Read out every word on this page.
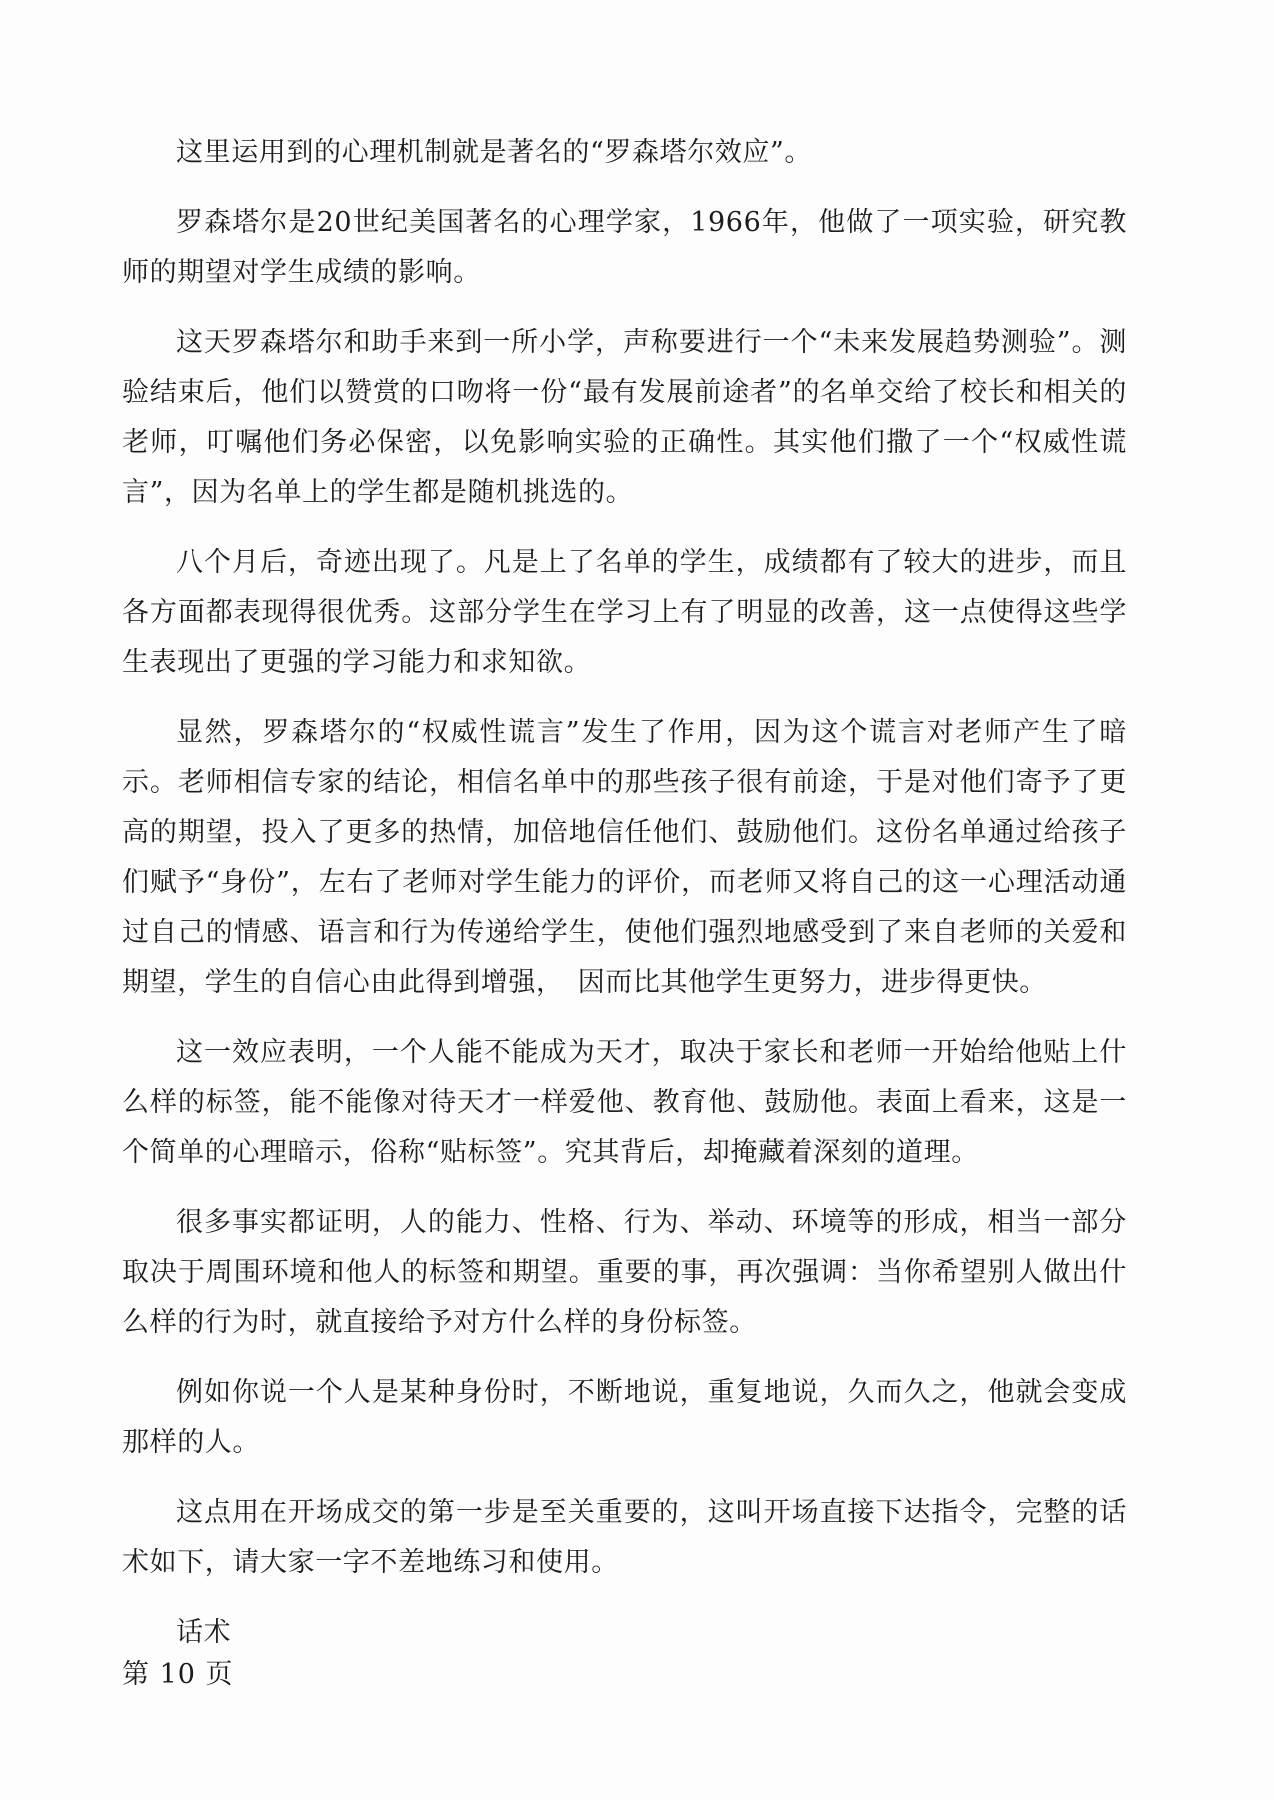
这里运用到的心理机制就是著名的“罗森塔尔效应”。

罗森塔尔是20世纪美国著名的心理学家，1966年，他做了一项实验，研究教师的期望对学生成绩的影响。

这天罗森塔尔和助手来到一所小学，声称要进行一个“未来发展趋势测验”。测验结束后，他们以赞赏的口吻将一份“最有发展前途者”的名单交给了校长和相关的老师，叮嘱他们务必保密，以免影响实验的正确性。其实他们撒了一个“权威性谎言”，因为名单上的学生都是随机挑选的。

八个月后，奇迹出现了。凡是上了名单的学生，成绩都有了较大的进步，而且各方面都表现得很优秀。这部分学生在学习上有了明显的改善，这一点使得这些学生表现出了更强的学习能力和求知欲。

显然，罗森塔尔的“权威性谎言”发生了作用，因为这个谎言对老师产生了暗示。老师相信专家的结论，相信名单中的那些孩子很有前途，于是对他们寄予了更高的期望，投入了更多的热情，加倍地信任他们、鼓励他们。这份名单通过给孩子们赋予“身份”，左右了老师对学生能力的评价，而老师又将自己的这一心理活动通过自己的情感、语言和行为传递给学生，使他们强烈地感受到了来自老师的关爱和期望，学生的自信心由此得到增强，　因而比其他学生更努力，进步得更快。

这一效应表明，一个人能不能成为天才，取决于家长和老师一开始给他贴上什么样的标签，能不能像对待天才一样爱他、教育他、鼓励他。表面上看来，这是一个简单的心理暗示，俗称“贴标签”。究其背后，却掩藏着深刻的道理。

很多事实都证明，人的能力、性格、行为、举动、环境等的形成，相当一部分取决于周围环境和他人的标签和期望。重要的事，再次强调：当你希望别人做出什么样的行为时，就直接给予对方什么样的身份标签。

例如你说一个人是某种身份时，不断地说，重复地说，久而久之，他就会变成那样的人。

这点用在开场成交的第一步是至关重要的，这叫开场直接下达指令，完整的话术如下，请大家一字不差地练习和使用。

话术

第 10 页
